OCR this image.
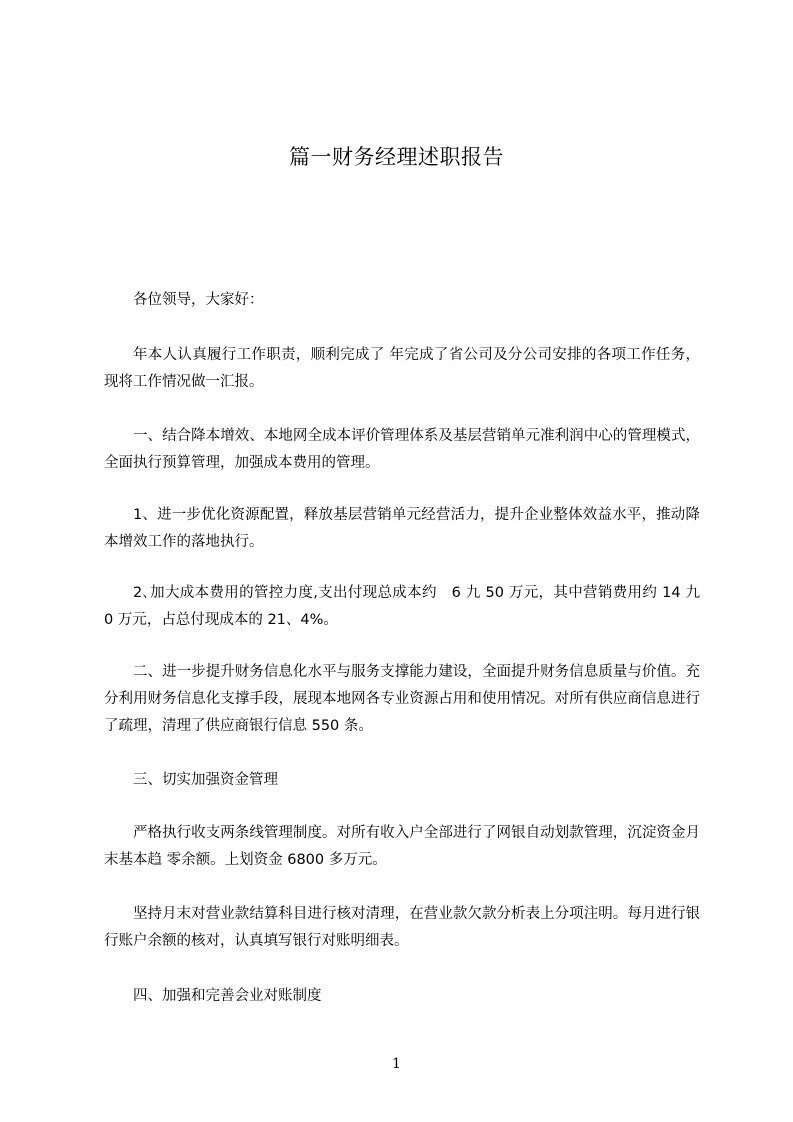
篇一财务经理述职报告

各位领导，大家好：

年本人认真履行工作职责，顺利完成了 年完成了省公司及分公司安排的各项工作任务，现将工作情况做一汇报。

一、结合降本增效、本地网全成本评价管理体系及基层营销单元准利润中心的管理模式，全面执行预算管理，加强成本费用的管理。

1、进一步优化资源配置，释放基层营销单元经营活力，提升企业整体效益水平，推动降本增效工作的落地执行。

2､加大成本费用的管控力度,支出付现总成本约　6 九 50 万元，其中营销费用约 14 九 0 万元，占总付现成本的 21、4%。

二、进一步提升财务信息化水平与服务支撑能力建设，全面提升财务信息质量与价值。充分利用财务信息化支撑手段，展现本地网各专业资源占用和使用情况。对所有供应商信息进行了疏理，清理了供应商银行信息 550 条。

三、切实加强资金管理

严格执行收支两条线管理制度。对所有收入户全部进行了网银自动划款管理，沉淀资金月末基本趋 零余额。上划资金 6800 多万元。

坚持月末对营业款结算科目进行核对清理，在营业款欠款分析表上分项注明。每月进行银行账户余额的核对，认真填写银行对账明细表。

四、加强和完善会业对账制度

1
